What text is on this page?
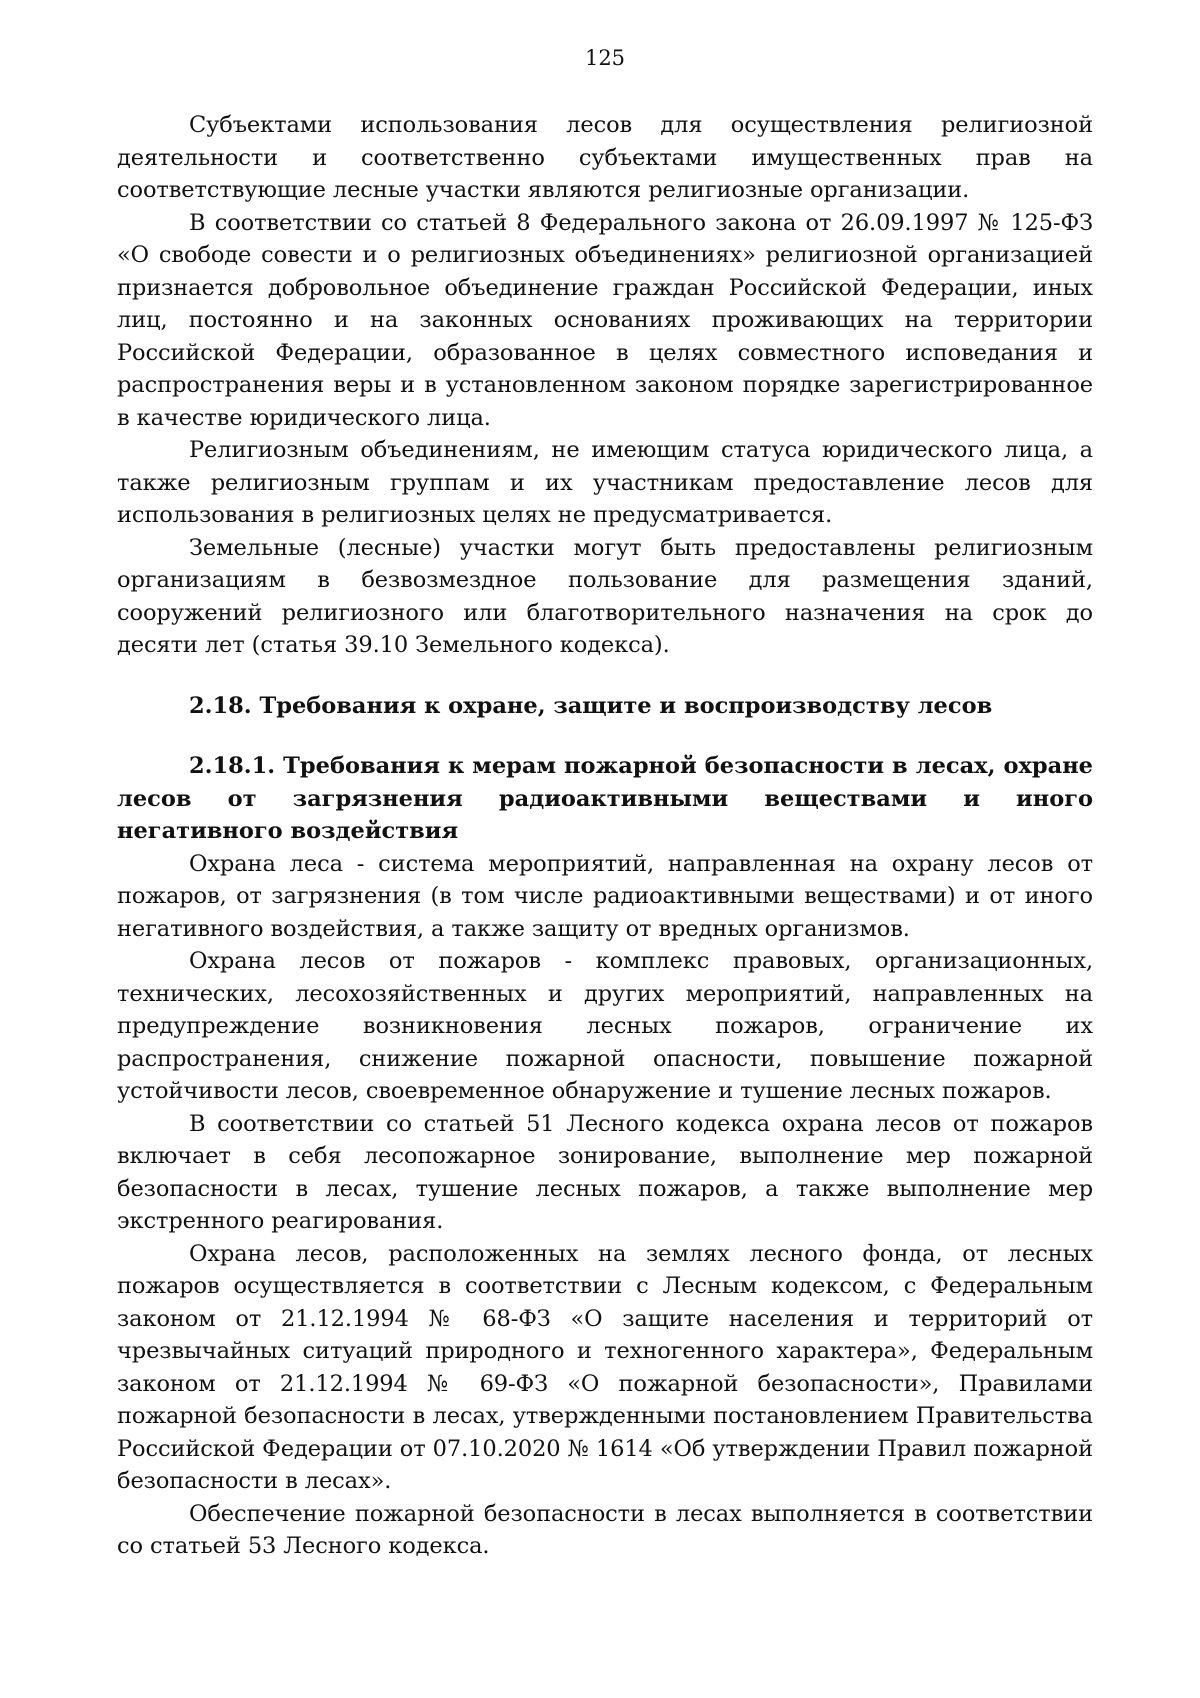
125

Субъектами использования лесов для осуществления религиозной деятельности и соответственно субъектами имущественных прав на соответствующие лесные участки являются религиозные организации.

В соответствии со статьей 8 Федерального закона от 26.09.1997 № 125-ФЗ «О свободе совести и о религиозных объединениях» религиозной организацией признается добровольное объединение граждан Российской Федерации, иных лиц, постоянно и на законных основаниях проживающих на территории Российской Федерации, образованное в целях совместного исповедания и распространения веры и в установленном законом порядке зарегистрированное в качестве юридического лица.

Религиозным объединениям, не имеющим статуса юридического лица, а также религиозным группам и их участникам предоставление лесов для использования в религиозных целях не предусматривается.

Земельные (лесные) участки могут быть предоставлены религиозным организациям в безвозмездное пользование для размещения зданий, сооружений религиозного или благотворительного назначения на срок до десяти лет (статья 39.10 Земельного кодекса).

2.18. Требования к охране, защите и воспроизводству лесов
2.18.1. Требования к мерам пожарной безопасности в лесах, охране лесов от загрязнения радиоактивными веществами и иного негативного воздействия

Охрана леса - система мероприятий, направленная на охрану лесов от пожаров, от загрязнения (в том числе радиоактивными веществами) и от иного негативного воздействия, а также защиту от вредных организмов.

Охрана лесов от пожаров - комплекс правовых, организационных, технических, лесохозяйственных и других мероприятий, направленных на предупреждение возникновения лесных пожаров, ограничение их распространения, снижение пожарной опасности, повышение пожарной устойчивости лесов, своевременное обнаружение и тушение лесных пожаров.

В соответствии со статьей 51 Лесного кодекса охрана лесов от пожаров включает в себя лесопожарное зонирование, выполнение мер пожарной безопасности в лесах, тушение лесных пожаров, а также выполнение мер экстренного реагирования.

Охрана лесов, расположенных на землях лесного фонда, от лесных пожаров осуществляется в соответствии с Лесным кодексом, с Федеральным законом от 21.12.1994 № 68-ФЗ «О защите населения и территорий от чрезвычайных ситуаций природного и техногенного характера», Федеральным законом от 21.12.1994 № 69-ФЗ «О пожарной безопасности», Правилами пожарной безопасности в лесах, утвержденными постановлением Правительства Российской Федерации от 07.10.2020 № 1614 «Об утверждении Правил пожарной безопасности в лесах».

Обеспечение пожарной безопасности в лесах выполняется в соответствии со статьей 53 Лесного кодекса.
